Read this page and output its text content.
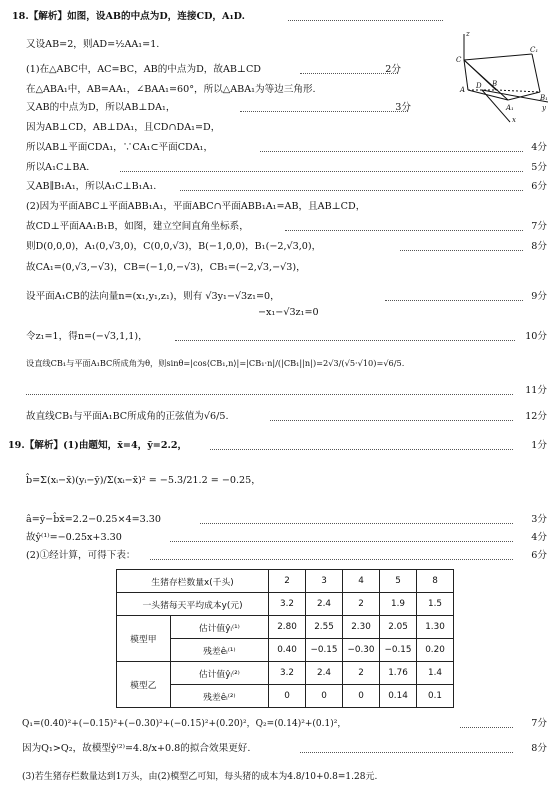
18.【解析】如图，设AB的中点为D，连接CD，A₁D.
又设AB=2，则AD=½AA₁=1.
(1)在△ABC中，AC=BC，AB的中点为D，故AB⊥CD	2分
在△ABA₁中，AB=AA₁，∠BAA₁=60°，所以△ABA₁为等边三角形.
又AB的中点为D，所以AB⊥DA₁，	3分
因为AB⊥CD，AB⊥DA₁，且CD∩DA₁=D，
所以AB⊥平面CDA₁，∵CA₁⊂平面CDA₁，	4分
所以A₁C⊥BA.	5分
又AB∥B₁A₁，所以A₁C⊥B₁A₁.	6分
(2)因为平面ABC⊥平面ABB₁A₁，平面ABC∩平面ABB₁A₁=AB，且AB⊥CD，
故CD⊥平面AA₁B₁B，如图，建立空间直角坐标系，	7分
则D(0,0,0)，A₁(0,√3,0)，C(0,0,√3)，B(−1,0,0)，B₁(−2,√3,0)，	8分
故CA₁=(0,√3,−√3)，CB=(−1,0,−√3)，CB₁=(−2,√3,−√3)，
设平面A₁CB的法向量n=(x₁,y₁,z₁)，则有 √3y₁−√3z₁=0，	9分
−x₁−√3z₁=0
令z₁=1，得n=(−√3,1,1)，	10分
设直线CB₁与平面A₁BC所成角为θ，则sinθ=|cos⟨CB₁,n⟩|=|CB₁·n|/(|CB₁||n|)=2√3/(√5·√10)=√6/5.
11分
故直线CB₁与平面A₁BC所成角的正弦值为√6/5.	12分
z
C
C₁
A D B
B₁
A₁
x
y
19.【解析】(1)由题知，x̄=4，ȳ=2.2，	1分
b̂=Σ(xᵢ−x̄)(yᵢ−ȳ)/Σ(xᵢ−x̄)² = −5.3/21.2 = −0.25，
â=ȳ−b̂x̄=2.2−0.25×4=3.30	3分
故ŷ⁽¹⁾=−0.25x+3.30	4分
(2)①经计算，可得下表：	6分
生猪存栏数量x(千头)		2	3	4	5	8
一头猪每天平均成本y(元)		3.2	2.4	2	1.9	1.5
模型甲	估计值ŷᵢ⁽¹⁾	2.80	2.55	2.30	2.05	1.30
	残差êᵢ⁽¹⁾	0.40	−0.15	−0.30	−0.15	0.20
模型乙	估计值ŷᵢ⁽²⁾	3.2	2.4	2	1.76	1.4
	残差êᵢ⁽²⁾	0	0	0	0.14	0.1
Q₁=(0.40)²+(−0.15)²+(−0.30)²+(−0.15)²+(0.20)²，Q₂=(0.14)²+(0.1)²，	7分
因为Q₁>Q₂，故模型ŷ⁽²⁾=4.8/x+0.8的拟合效果更好.	8分
(3)若生猪存栏数量达到1万头，由(2)模型乙可知，每头猪的成本为4.8/10+0.8=1.28元.
